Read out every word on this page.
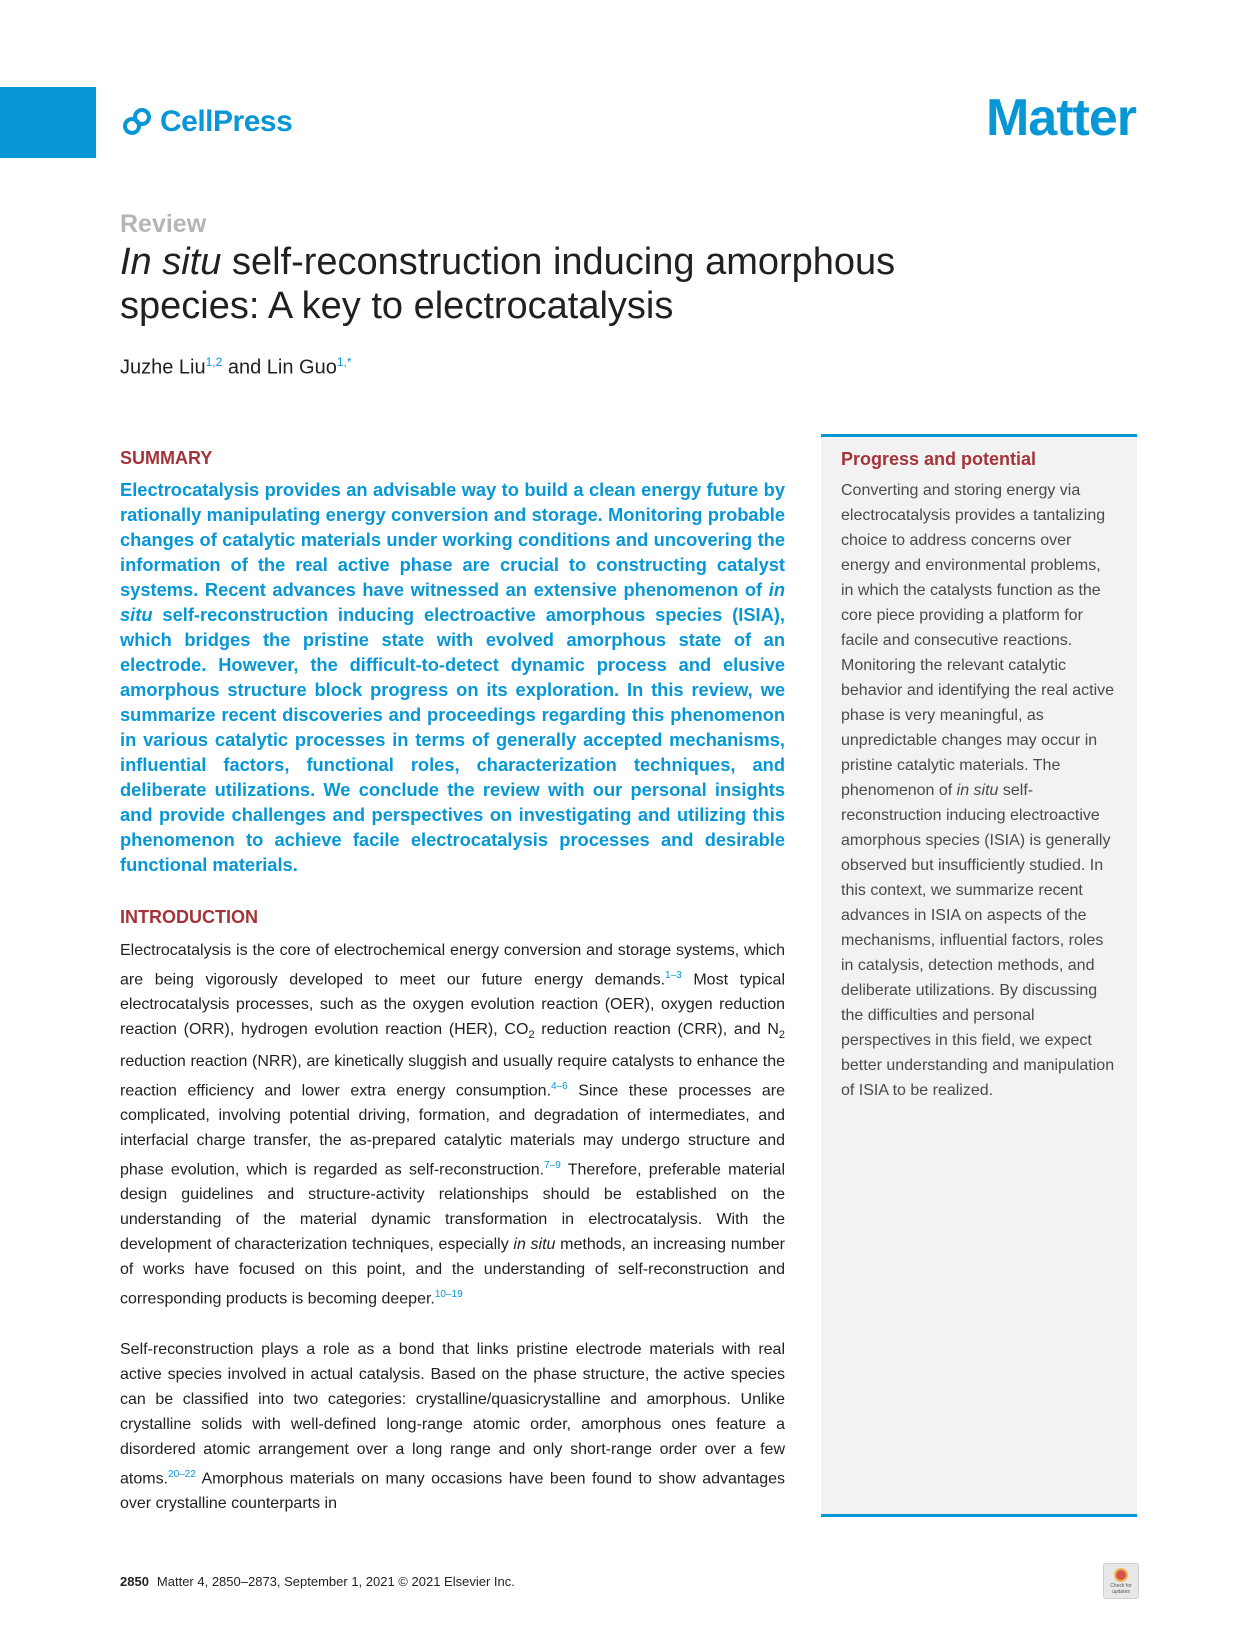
CellPress	Matter
Review
In situ self-reconstruction inducing amorphous species: A key to electrocatalysis
Juzhe Liu$^{1,2}$ and Lin Guo$^{1,*}$
SUMMARY

Electrocatalysis provides an advisable way to build a clean energy future by rationally manipulating energy conversion and storage. Monitoring probable changes of catalytic materials under working conditions and uncovering the information of the real active phase are crucial to constructing catalyst systems. Recent advances have witnessed an extensive phenomenon of in situ self-reconstruction inducing electroactive amorphous species (ISIA), which bridges the pristine state with evolved amorphous state of an electrode. However, the difficult-to-detect dynamic process and elusive amorphous structure block progress on its exploration. In this review, we summarize recent discoveries and proceedings regarding this phenomenon in various catalytic processes in terms of generally accepted mechanisms, influential factors, functional roles, characterization techniques, and deliberate utilizations. We conclude the review with our personal insights and provide challenges and perspectives on investigating and utilizing this phenomenon to achieve facile electrocatalysis processes and desirable functional materials.

INTRODUCTION

Electrocatalysis is the core of electrochemical energy conversion and storage systems, which are being vigorously developed to meet our future energy demands.$^{1-3}$ Most typical electrocatalysis processes, such as the oxygen evolution reaction (OER), oxygen reduction reaction (ORR), hydrogen evolution reaction (HER), $CO_2$ reduction reaction (CRR), and $N_2$ reduction reaction (NRR), are kinetically sluggish and usually require catalysts to enhance the reaction efficiency and lower extra energy consumption.$^{4-6}$ Since these processes are complicated, involving potential driving, formation, and degradation of intermediates, and interfacial charge transfer, the as-prepared catalytic materials may undergo structure and phase evolution, which is regarded as self-reconstruction.$^{7-9}$ Therefore, preferable material design guidelines and structure-activity relationships should be established on the understanding of the material dynamic transformation in electrocatalysis. With the development of characterization techniques, especially in situ methods, an increasing number of works have focused on this point, and the understanding of self-reconstruction and corresponding products is becoming deeper.$^{10-19}$

Self-reconstruction plays a role as a bond that links pristine electrode materials with real active species involved in actual catalysis. Based on the phase structure, the active species can be classified into two categories: crystalline/quasicrystalline and amorphous. Unlike crystalline solids with well-defined long-range atomic order, amorphous ones feature a disordered atomic arrangement over a long range and only short-range order over a few atoms.$^{20-22}$ Amorphous materials on many occasions have been found to show advantages over crystalline counterparts in

Progress and potential
Converting and storing energy via electrocatalysis provides a tantalizing choice to address concerns over energy and environmental problems, in which the catalysts function as the core piece providing a platform for facile and consecutive reactions. Monitoring the relevant catalytic behavior and identifying the real active phase is very meaningful, as unpredictable changes may occur in pristine catalytic materials. The phenomenon of in situ self-reconstruction inducing electroactive amorphous species (ISIA) is generally observed but insufficiently studied. In this context, we summarize recent advances in ISIA on aspects of the mechanisms, influential factors, roles in catalysis, detection methods, and deliberate utilizations. By discussing the difficulties and personal perspectives in this field, we expect better understanding and manipulation of ISIA to be realized.
2850 Matter 4, 2850–2873, September 1, 2021 © 2021 Elsevier Inc.	Check for updates
